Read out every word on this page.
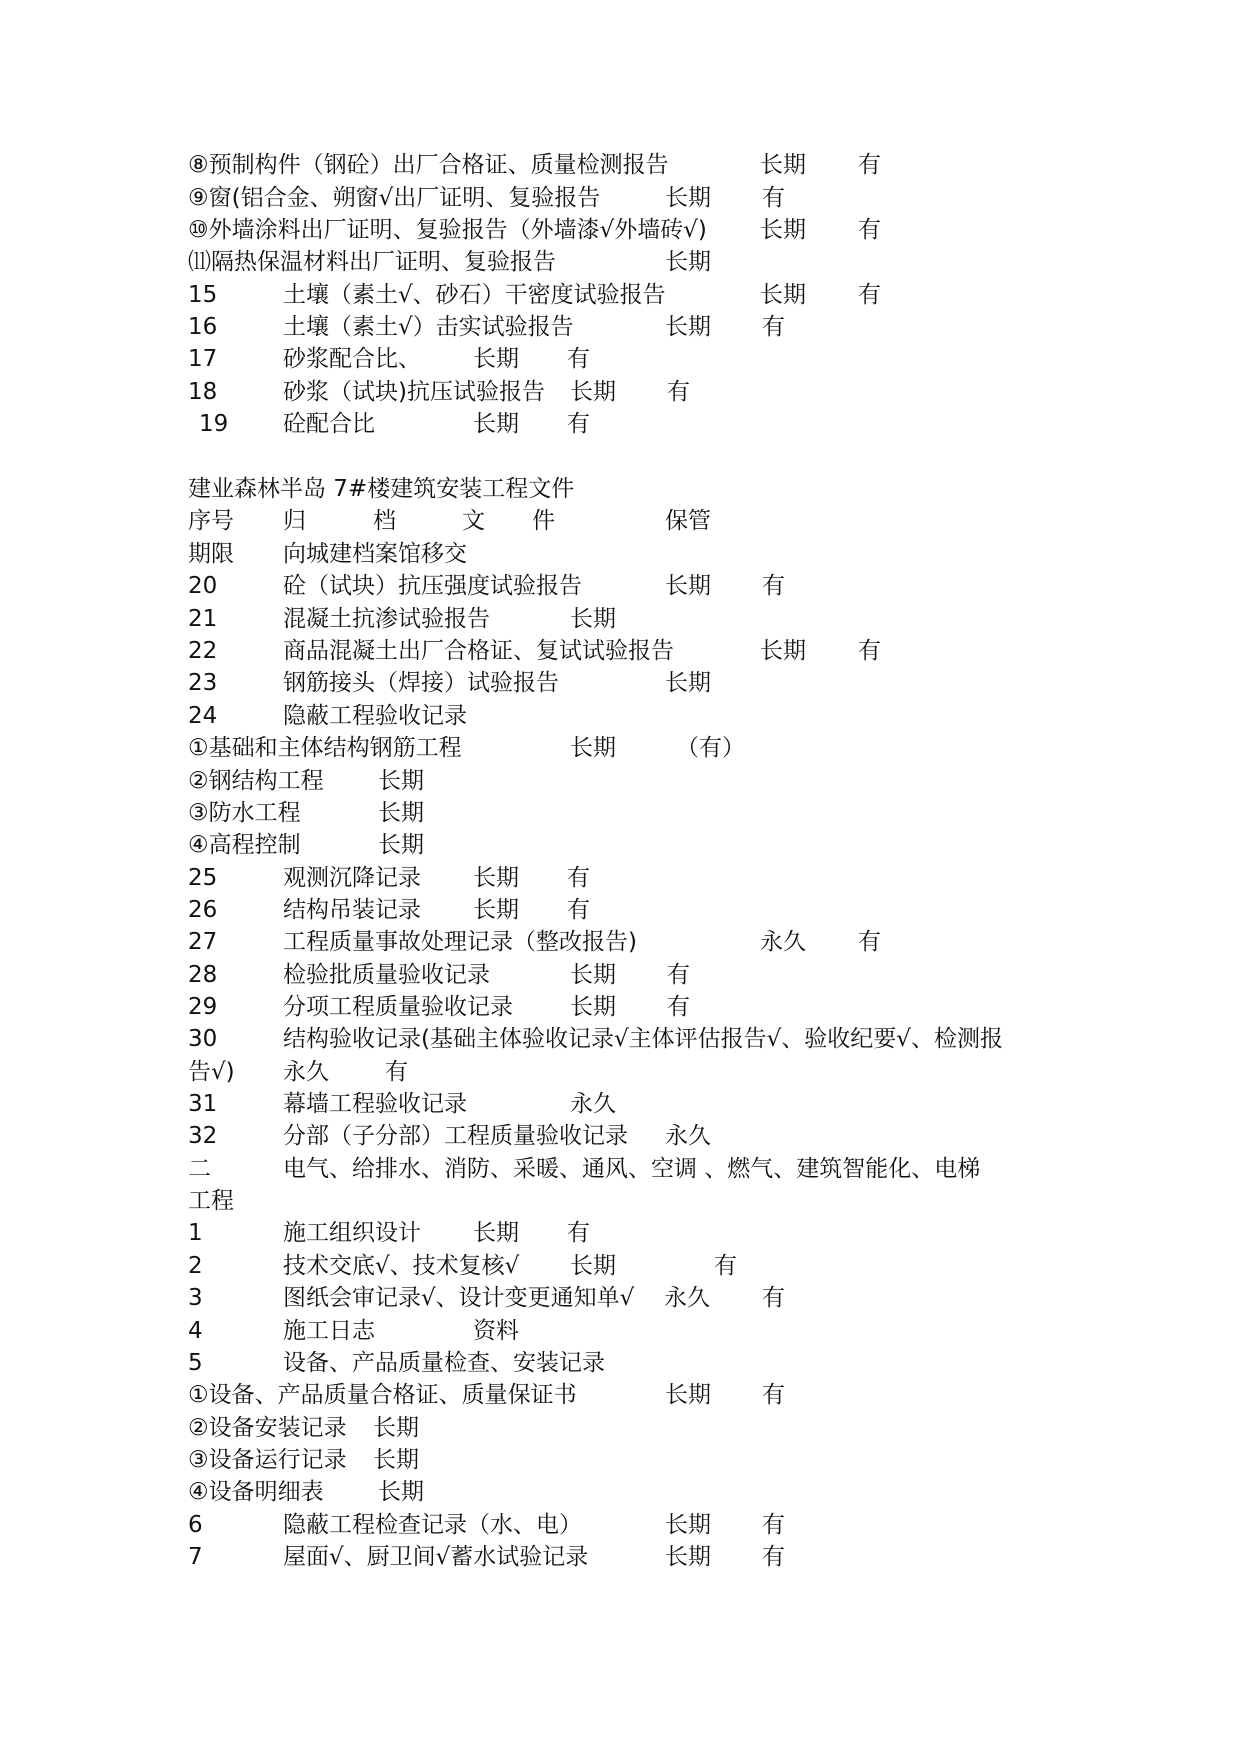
⑧预制构件（钢砼）出厂合格证、质量检测报告	长期 有
⑨窗(铝合金、朔窗√出厂证明、复验报告	长期 有
⑩外墙涂料出厂证明、复验报告（外墙漆√外墙砖√) 长期 有
⑾隔热保温材料出厂证明、复验报告	长期
15	土壤（素土√、砂石）干密度试验报告	长期 有
16	土壤（素土√）击实试验报告	长期 有
17	砂浆配合比、 长期 有
18	砂浆（试块)抗压试验报告 长期 有
19 砼配合比	长期 有
建业森林半岛 7#楼建筑安装工程文件
序号 归	档	文 件	保管
期限 向城建档案馆移交
20	砼（试块）抗压强度试验报告	长期 有
21	混凝土抗渗试验报告	长期
22	商品混凝土出厂合格证、复试试验报告	长期 有
23	钢筋接头（焊接）试验报告	长期
24	隐蔽工程验收记录
①基础和主体结构钢筋工程	长期	（有）
②钢结构工程 长期
③防水工程	长期
④高程控制	长期
25	观测沉降记录 长期 有
26	结构吊装记录 长期 有
27	工程质量事故处理记录（整改报告)	永久 有
28	检验批质量验收记录	长期 有
29	分项工程质量验收记录 长期 有
30	结构验收记录(基础主体验收记录√主体评估报告√、验收纪要√、检测报
告√) 永久 有
31	幕墙工程验收记录	永久
32	分部（子分部）工程质量验收记录 永久
二	电气、给排水、消防、采暖、通风、空调 、燃气、建筑智能化、电梯
工程
1	施工组织设计 长期 有
2	技术交底√、技术复核√ 长期	有
3	图纸会审记录√、设计变更通知单√ 永久 有
4	施工日志	资料
5	设备、产品质量检查、安装记录
①设备、产品质量合格证、质量保证书	长期 有
②设备安装记录 长期
③设备运行记录 长期
④设备明细表 长期
6	隐蔽工程检查记录（水、电）	长期 有
7	屋面√、厨卫间√蓄水试验记录	长期 有
